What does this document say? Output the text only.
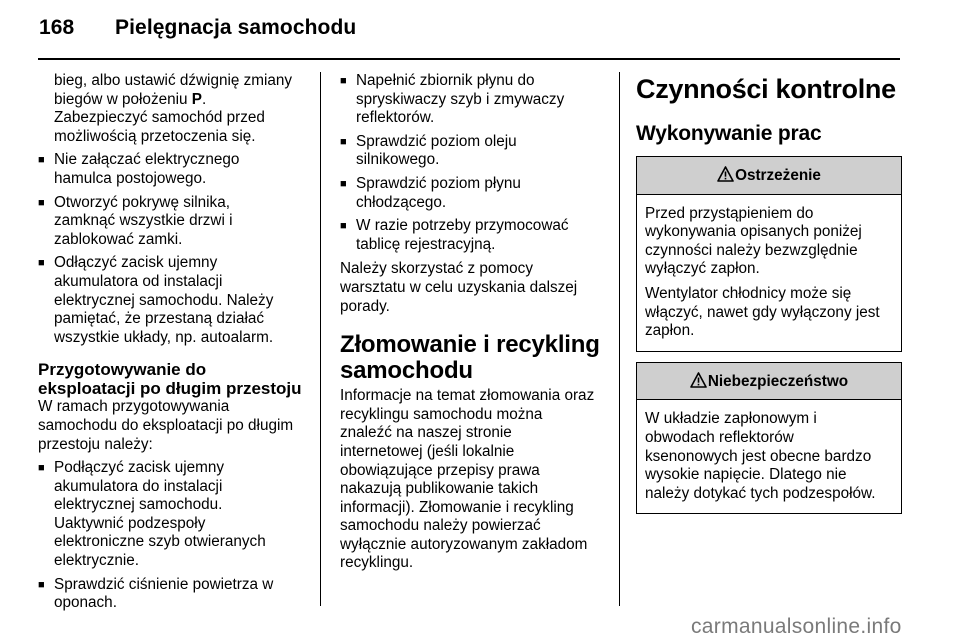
168 Pielęgnacja samochodu
bieg, albo ustawić dźwignię zmiany
biegów w położeniu P.
Zabezpieczyć samochód przed
możliwością przetoczenia się.
■ Nie załączać elektrycznego
hamulca postojowego.
■ Otworzyć pokrywę silnika,
zamknąć wszystkie drzwi i
zablokować zamki.
■ Odłączyć zacisk ujemny
akumulatora od instalacji
elektrycznej samochodu. Należy
pamiętać, że przestaną działać
wszystkie układy, np. autoalarm.
Przygotowywanie do
eksploatacji po długim przestoju
W ramach przygotowywania
samochodu do eksploatacji po długim
przestoju należy:
■ Podłączyć zacisk ujemny
akumulatora do instalacji
elektrycznej samochodu.
Uaktywnić podzespoły
elektroniczne szyb otwieranych
elektrycznie.
■ Sprawdzić ciśnienie powietrza w
oponach.
■ Napełnić zbiornik płynu do
spryskiwaczy szyb i zmywaczy
reflektorów.
■ Sprawdzić poziom oleju
silnikowego.
■ Sprawdzić poziom płynu
chłodzącego.
■ W razie potrzeby przymocować
tablicę rejestracyjną.
Należy skorzystać z pomocy
warsztatu w celu uzyskania dalszej
porady.
Złomowanie i recykling
samochodu
Informacje na temat złomowania oraz
recyklingu samochodu można
znaleźć na naszej stronie
internetowej (jeśli lokalnie
obowiązujące przepisy prawa
nakazują publikowanie takich
informacji). Złomowanie i recykling
samochodu należy powierzać
wyłącznie autoryzowanym zakładom
recyklingu.
Czynności kontrolne
Wykonywanie prac
Ostrzeżenie

Przed przystąpieniem do
wykonywania opisanych poniżej
czynności należy bezwzględnie
wyłączyć zapłon.

Wentylator chłodnicy może się
włączyć, nawet gdy wyłączony jest
zapłon.

Niebezpieczeństwo

W układzie zapłonowym i
obwodach reflektorów
ksenonowych jest obecne bardzo
wysokie napięcie. Dlatego nie
należy dotykać tych podzespołów.

carmanualsonline.info
